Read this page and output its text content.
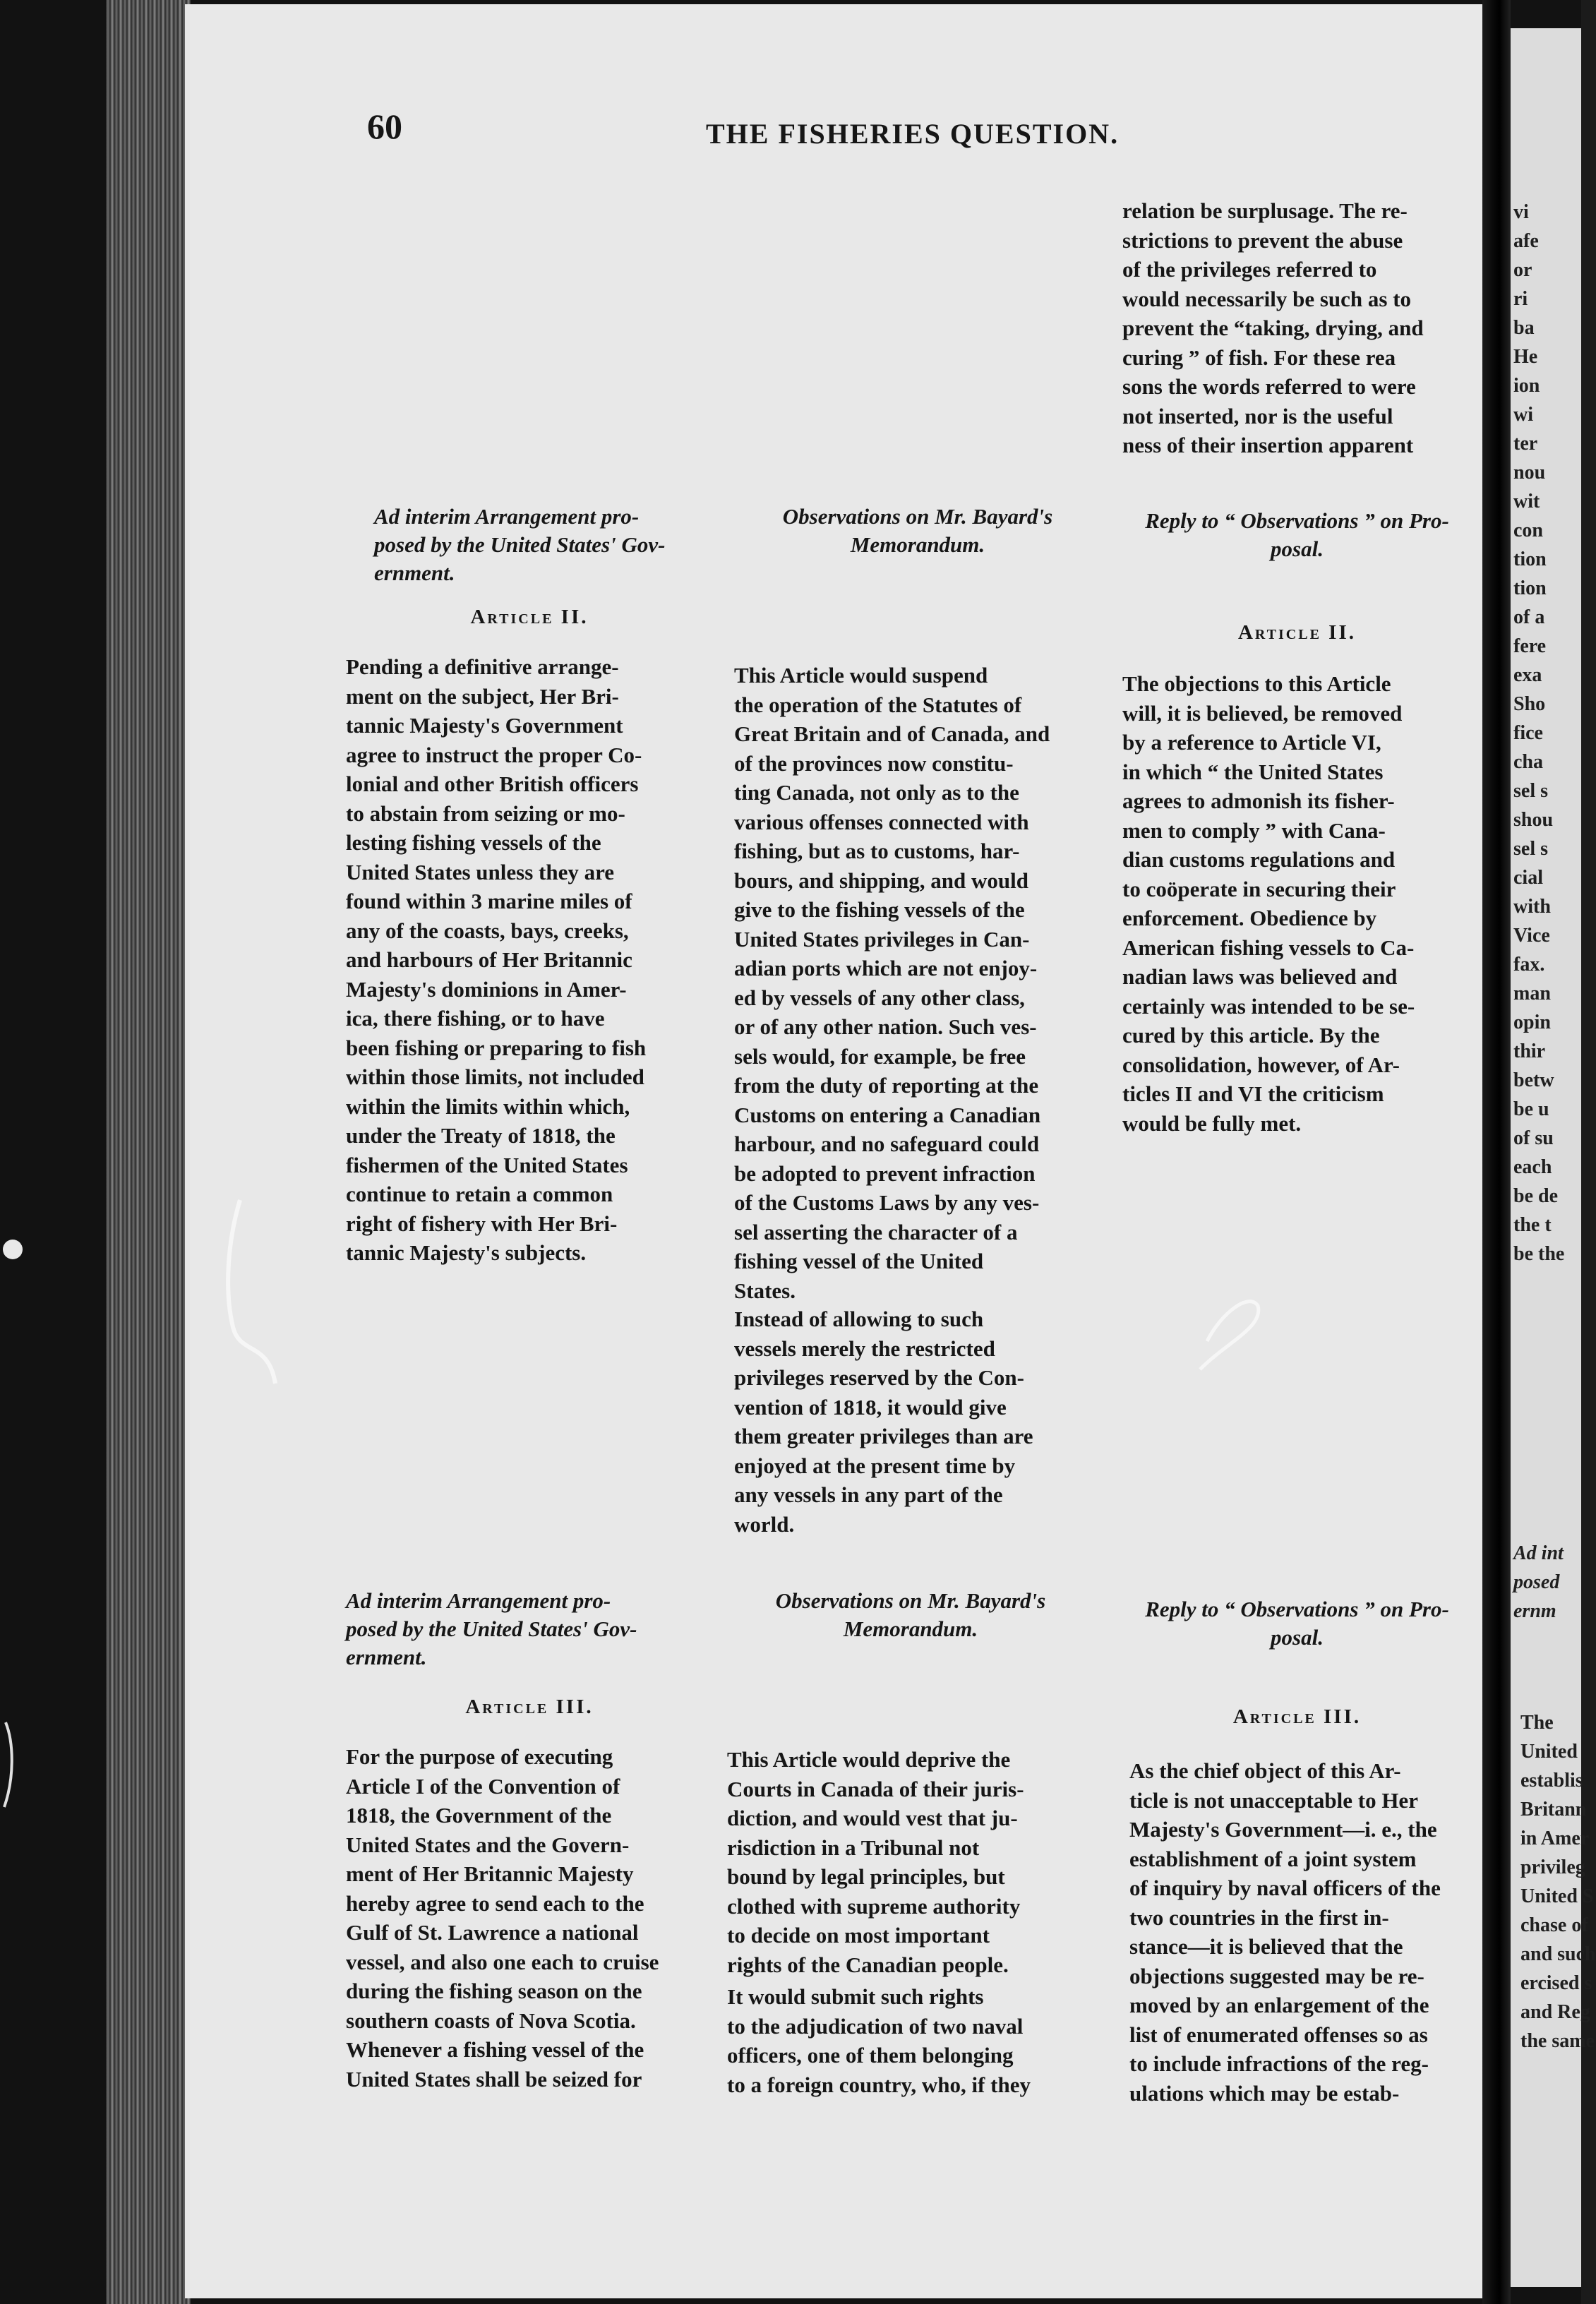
60	THE FISHERIES QUESTION.

relation be surplusage. The re-
strictions to prevent the abuse
of the privileges referred to
would necessarily be such as to
prevent the “taking, drying, and
curing ” of fish. For these rea
sons the words referred to were
not inserted, nor is the useful
ness of their insertion apparent

Ad interim Arrangement pro-
posed by the United States' Gov-
ernment.

Observations on Mr. Bayard's
Memorandum.

Reply to “ Observations ” on Pro-
posal.

Article II.

Article II.

Pending a definitive arrange-
ment on the subject, Her Bri-
tannic Majesty's Government
agree to instruct the proper Co-
lonial and other British officers
to abstain from seizing or mo-
lesting fishing vessels of the
United States unless they are
found within 3 marine miles of
any of the coasts, bays, creeks,
and harbours of Her Britannic
Majesty's dominions in Amer-
ica, there fishing, or to have
been fishing or preparing to fish
within those limits, not included
within the limits within which,
under the Treaty of 1818, the
fishermen of the United States
continue to retain a common
right of fishery with Her Bri-
tannic Majesty's subjects.

This Article would suspend
the operation of the Statutes of
Great Britain and of Canada, and
of the provinces now constitu-
ting Canada, not only as to the
various offenses connected with
fishing, but as to customs, har-
bours, and shipping, and would
give to the fishing vessels of the
United States privileges in Can-
adian ports which are not enjoy-
ed by vessels of any other class,
or of any other nation. Such ves-
sels would, for example, be free
from the duty of reporting at the
Customs on entering a Canadian
harbour, and no safeguard could
be adopted to prevent infraction
of the Customs Laws by any ves-
sel asserting the character of a
fishing vessel of the United
States.

Instead of allowing to such
vessels merely the restricted
privileges reserved by the Con-
vention of 1818, it would give
them greater privileges than are
enjoyed at the present time by
any vessels in any part of the
world.

The objections to this Article
will, it is believed, be removed
by a reference to Article VI,
in which “ the United States
agrees to admonish its fisher-
men to comply ” with Cana-
dian customs regulations and
to coöperate in securing their
enforcement. Obedience by
American fishing vessels to Ca-
nadian laws was believed and
certainly was intended to be se-
cured by this article. By the
consolidation, however, of Ar-
ticles II and VI the criticism
would be fully met.

Ad interim Arrangement pro-
posed by the United States' Gov-
ernment.

Observations on Mr. Bayard's
Memorandum.

Reply to “ Observations ” on Pro-
posal.

Article III.	Article III.

For the purpose of executing
Article I of the Convention of
1818, the Government of the
United States and the Govern-
ment of Her Britannic Majesty
hereby agree to send each to the
Gulf of St. Lawrence a national
vessel, and also one each to cruise
during the fishing season on the
southern coasts of Nova Scotia.
Whenever a fishing vessel of the
United States shall be seized for

This Article would deprive the
Courts in Canada of their juris-
diction, and would vest that ju-
risdiction in a Tribunal not
bound by legal principles, but
clothed with supreme authority
to decide on most important
rights of the Canadian people.

It would submit such rights
to the adjudication of two naval
officers, one of them belonging
to a foreign country, who, if they

As the chief object of this Ar-
ticle is not unacceptable to Her
Majesty's Government—i. e., the
establishment of a joint system
of inquiry by naval officers of the
two countries in the first in-
stance—it is believed that the
objections suggested may be re-
moved by an enlargement of the
list of enumerated offenses so as
to include infractions of the reg-
ulations which may be estab-

vi
afe
or
ri
ba
He
ion
wi
ter
nou
wit
con
tion
tion
of a
fere
exa
Sho
fice
cha
sel s
shou
sel s
cial
with
Vice
fax.
man
opin
thir
betw
be u
of su
each
be de
the t
be the

Ad int
posed
ernm

The
United
establis
Britann
in Amer
privileg
United S
chase of
and such
ercised s
and Reg
the same
